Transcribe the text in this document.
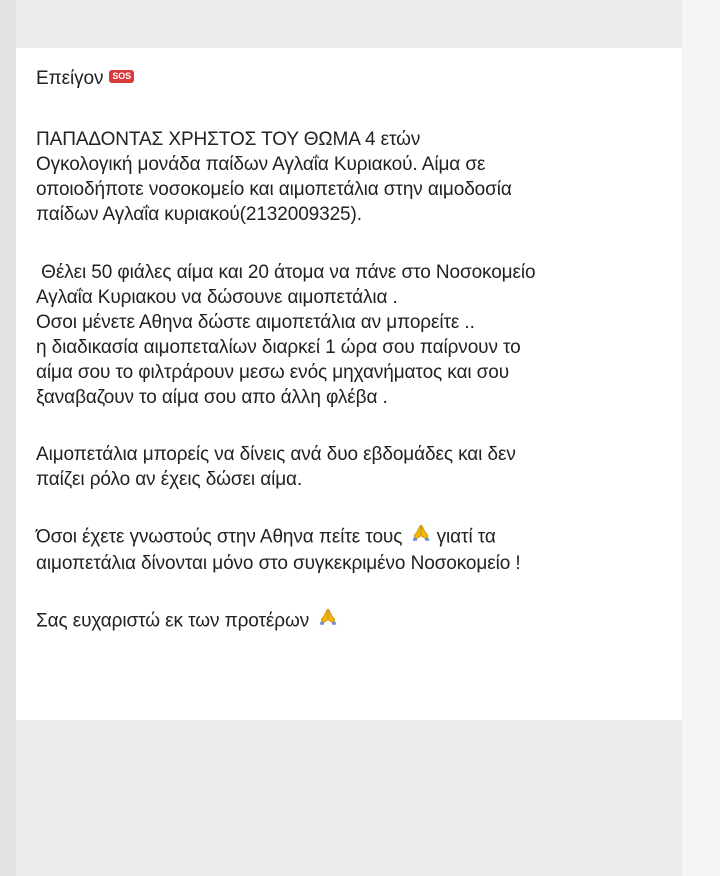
Επείγον SOS
ΠΑΠΑΔΟΝΤΑΣ ΧΡΗΣΤΟΣ ΤΟΥ ΘΩΜΑ 4 ετών
Ογκολογική μονάδα παίδων Αγλαΐα Κυριακού. Αίμα σε
οποιοδήποτε νοσοκομείο και αιμοπετάλια στην αιμοδοσία
παίδων Αγλαΐα κυριακού(2132009325).
Θέλει 50 φιάλες αίμα και 20 άτομα να πάνε στο Νοσοκομείο
Αγλαΐα Κυριακου να δώσουνε αιμοπετάλια .
Οσοι μένετε Αθηνα δώστε αιμοπετάλια αν μπορείτε ..
η διαδικασία αιμοπεταλίων διαρκεί 1 ώρα σου παίρνουν το
αίμα σου το φιλτράρουν μεσω ενός μηχανήματος και σου
ξαναβαζουν το αίμα σου απο άλλη φλέβα .
Αιμοπετάλια μπορείς να δίνεις ανά δυο εβδομάδες και δεν
παίζει ρόλο αν έχεις δώσει αίμα.
Όσοι έχετε γνωστούς στην Αθηνα πείτε τους  γιατί τα
αιμοπετάλια δίνονται μόνο στο συγκεκριμένο Νοσοκομείο !
Σας ευχαριστώ εκ των προτέρων
